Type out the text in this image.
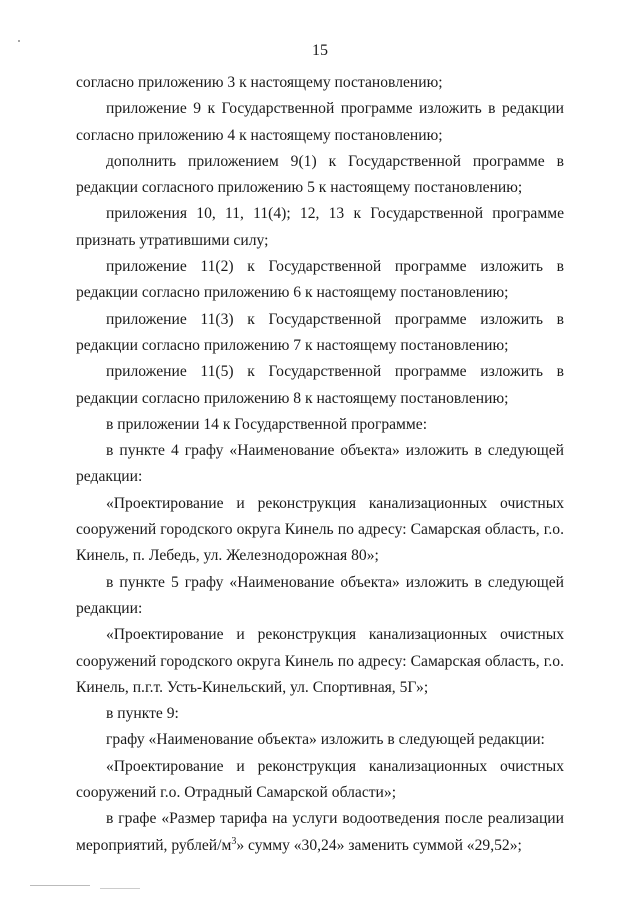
15

согласно приложению 3 к настоящему постановлению;

приложение 9 к Государственной программе изложить в редакции согласно приложению 4 к настоящему постановлению;

дополнить приложением 9(1) к Государственной программе в редакции согласного приложению 5 к настоящему постановлению;

приложения 10, 11, 11(4); 12, 13 к Государственной программе признать утратившими силу;

приложение 11(2) к Государственной программе изложить в редакции согласно приложению 6 к настоящему постановлению;

приложение 11(3) к Государственной программе изложить в редакции согласно приложению 7 к настоящему постановлению;

приложение 11(5) к Государственной программе изложить в редакции согласно приложению 8 к настоящему постановлению;

в приложении 14 к Государственной программе:

в пункте 4 графу «Наименование объекта» изложить в следующей редакции:

«Проектирование и реконструкция канализационных очистных сооружений городского округа Кинель по адресу: Самарская область, г.о. Кинель, п. Лебедь, ул. Железнодорожная 80»;

в пункте 5 графу «Наименование объекта» изложить в следующей редакции:

«Проектирование и реконструкция канализационных очистных сооружений городского округа Кинель по адресу: Самарская область, г.о. Кинель, п.г.т. Усть-Кинельский, ул. Спортивная, 5Г»;

в пункте 9:

графу «Наименование объекта» изложить в следующей редакции:

«Проектирование и реконструкция канализационных очистных сооружений г.о. Отрадный Самарской области»;

в графе «Размер тарифа на услуги водоотведения после реализации мероприятий, рублей/$м^3$» сумму «30,24» заменить суммой «29,52»;
